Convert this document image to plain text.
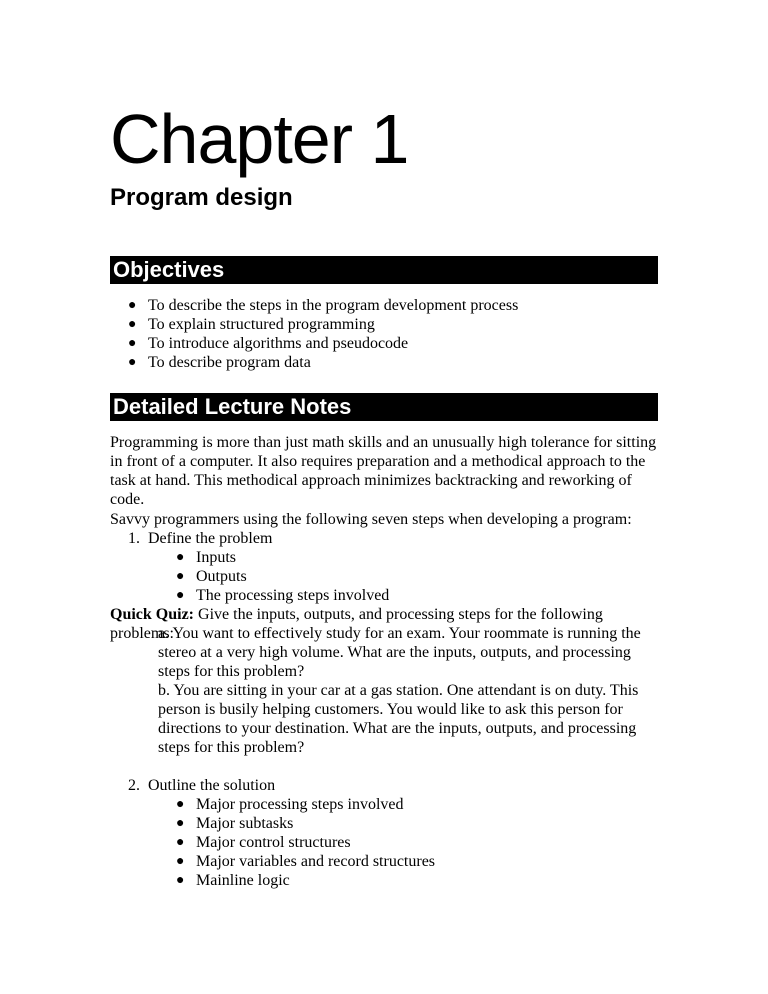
Chapter 1
Program design
Objectives
● To describe the steps in the program development process
● To explain structured programming
● To introduce algorithms and pseudocode
● To describe program data
Detailed Lecture Notes

Programming is more than just math skills and an unusually high tolerance for sitting in front of a computer. It also requires preparation and a methodical approach to the task at hand. This methodical approach minimizes backtracking and reworking of code.

Savvy programmers using the following seven steps when developing a program:

1. Define the problem

● Inputs
● Outputs
● The processing steps involved

Quick Quiz: Give the inputs, outputs, and processing steps for the following problems:

a. You want to effectively study for an exam. Your roommate is running the stereo at a very high volume. What are the inputs, outputs, and processing steps for this problem?

b. You are sitting in your car at a gas station. One attendant is on duty. This person is busily helping customers. You would like to ask this person for directions to your destination. What are the inputs, outputs, and processing steps for this problem?

2. Outline the solution

● Major processing steps involved
● Major subtasks
● Major control structures
● Major variables and record structures
● Mainline logic
